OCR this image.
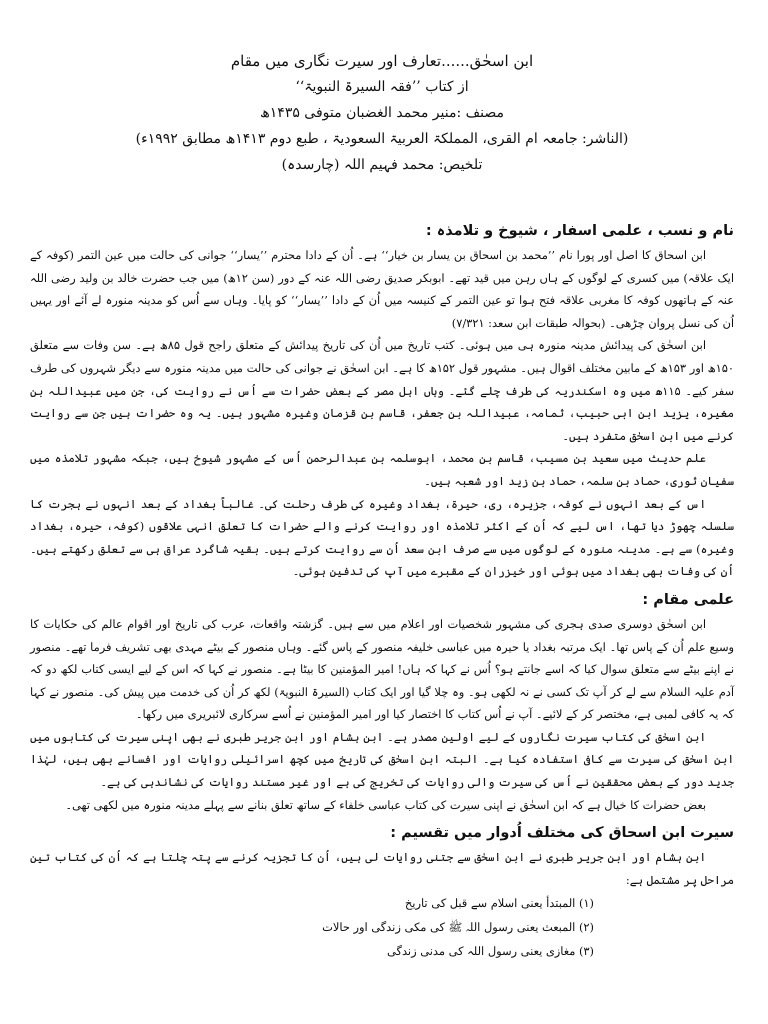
ابن اسحٰق......تعارف اور سیرت نگاری میں مقام
از کتاب ’’فقہ السیرۃ النبویۃ‘‘
مصنف :منیر محمد الغضبان متوفی ۱۴۳۵ھ
(الناشر: جامعہ ام القری، المملکۃ العربیۃ السعودیۃ ، طبع دوم ۱۴۱۳ھ مطابق ۱۹۹۲ء)
تلخیص: محمد فہیم اللہ (چارسدہ)
نام و نسب ، علمی اسفار ، شیوخ و تلامذہ :

ابن اسحاق کا اصل اور پورا نام ’’محمد بن اسحاق بن یسار بن خیار‘‘ ہے۔ اُن کے دادا محترم ’’یسار‘‘ جوانی کی حالت میں عین التمر (کوفہ کے ایک علاقہ) میں کسری کے لوگوں کے ہاں رہن میں قید تھے۔ ابوبکر صدیق رضی اللہ عنہ کے دور (سن ۱۲ھ) میں جب حضرت خالد بن ولید رضی اللہ عنہ کے ہاتھوں کوفہ کا مغربی علاقہ فتح ہوا تو عین التمر کے کنیسہ میں اُن کے دادا ’’یسار‘‘ کو پایا۔ وہاں سے اُس کو مدینہ منورہ لے آئے اور یہیں اُن کی نسل پروان چڑھی۔ (بحوالہ طبقات ابن سعد: ۷/۳۲۱)

ابن اسحٰق کی پیدائش مدینہ منورہ ہی میں ہوئی۔ کتب تاریخ میں اُن کی تاریخ پیدائش کے متعلق راجح قول ۸۵ھ ہے۔ سن وفات سے متعلق ۱۵۰ھ اور ۱۵۳ھ کے مابین مختلف اقوال ہیں۔ مشہور قول ۱۵۲ھ کا ہے۔ ابن اسحٰق نے جوانی کی حالت میں مدینہ منورہ سے دیگر شہروں کی طرف سفر کیے۔ ۱۱۵ھ میں وہ اسکندریہ کی طرف چلے گئے۔ وہاں اہل مصر کے بعض حضرات سے اُس نے روایت کی، جن میں عبیداللہ بن مغیرہ، یزید ابن ابی حبیب، ثمامہ، عبیداللہ بن جعفر، قاسم بن قزمان وغیرہ مشہور ہیں۔ یہ وہ حضرات ہیں جن سے روایت کرنے میں ابن اسحٰق متفرد ہیں۔

علم حدیث میں سعید بن مسیب، قاسم بن محمد، ابوسلمہ بن عبدالرحمن اُس کے مشہور شیوخ ہیں، جبکہ مشہور تلامذہ میں سفیان ثوری، حماد بن سلمہ، حماد بن زید اور شعبہ ہیں۔

اس کے بعد انہوں نے کوفہ، جزیرہ، ری، حیرۃ، بغداد وغیرہ کی طرف رحلت کی۔ غالباً بغداد کے بعد انہوں نے ہجرت کا سلسلہ چھوڑ دیا تھا، اس لیے کہ اُن کے اکثر تلامذہ اور روایت کرنے والے حضرات کا تعلق انہی علاقوں (کوفہ، حیرہ، بغداد وغیرہ) سے ہے۔ مدینہ منورہ کے لوگوں میں سے صرف ابن سعد اُن سے روایت کرتے ہیں۔ بقیہ شاگرد عراق ہی سے تعلق رکھتے ہیں۔ اُن کی وفات بھی بغداد میں ہوئی اور خیزران کے مقبرے میں آپ کی تدفین ہوئی۔

علمی مقام :

ابن اسحٰق دوسری صدی ہجری کی مشہور شخصیات اور اعلام میں سے ہیں۔ گزشتہ واقعات، عرب کی تاریخ اور اقوام عالم کی حکایات کا وسیع علم اُن کے پاس تھا۔ ایک مرتبہ بغداد یا حیرہ میں عباسی خلیفہ منصور کے پاس گئے۔ وہاں منصور کے بیٹے مہدی بھی تشریف فرما تھے۔ منصور نے اپنے بیٹے سے متعلق سوال کیا کہ اسے جانتے ہو؟ اُس نے کہا کہ ہاں! امیر المؤمنین کا بیٹا ہے۔ منصور نے کہا کہ اس کے لیے ایسی کتاب لکھ دو کہ آدم علیہ السلام سے لے کر آپ تک کسی نے نہ لکھی ہو۔ وہ چلا گیا اور ایک کتاب (السیرۃ النبویۃ) لکھ کر اُن کی خدمت میں پیش کی۔ منصور نے کہا کہ یہ کافی لمبی ہے، مختصر کر کے لائیے۔ آپ نے اُس کتاب کا اختصار کیا اور امیر المؤمنین نے اُسے سرکاری لائبریری میں رکھا۔

ابن اسحٰق کی کتاب سیرت نگاروں کے لیے اولین مصدر ہے۔ ابن ہشام اور ابن جریر طبری نے بھی اپنی سیرت کی کتابوں میں ابن اسحٰق کی سیرت سے کافی استفادہ کیا ہے۔ البتہ ابن اسحٰق کی تاریخ میں کچھ اسرائیلی روایات اور افسانے بھی ہیں، لہٰذا جدید دور کے بعض محققین نے اُس کی سیرت والی روایات کی تخریج کی ہے اور غیر مستند روایات کی نشاندہی کی ہے۔

بعض حضرات کا خیال ہے کہ ابن اسحٰق نے اپنی سیرت کی کتاب عباسی خلفاء کے ساتھ تعلق بنانے سے پہلے مدینہ منورہ میں لکھی تھی۔

سیرت ابن اسحاق کی مختلف اُدوار میں تقسیم :

ابن ہشام اور ابن جریر طبری نے ابن اسحٰق سے جتنی روایات لی ہیں، اُن کا تجزیہ کرنے سے پتہ چلتا ہے کہ اُن کی کتاب تین مراحل پر مشتمل ہے:

(۱) المبتدأ یعنی اسلام سے قبل کی تاریخ
(۲) المبعث یعنی رسول اللہ ﷺ کی مکی زندگی اور حالات
(۳) مغازی یعنی رسول اللہ کی مدنی زندگی
